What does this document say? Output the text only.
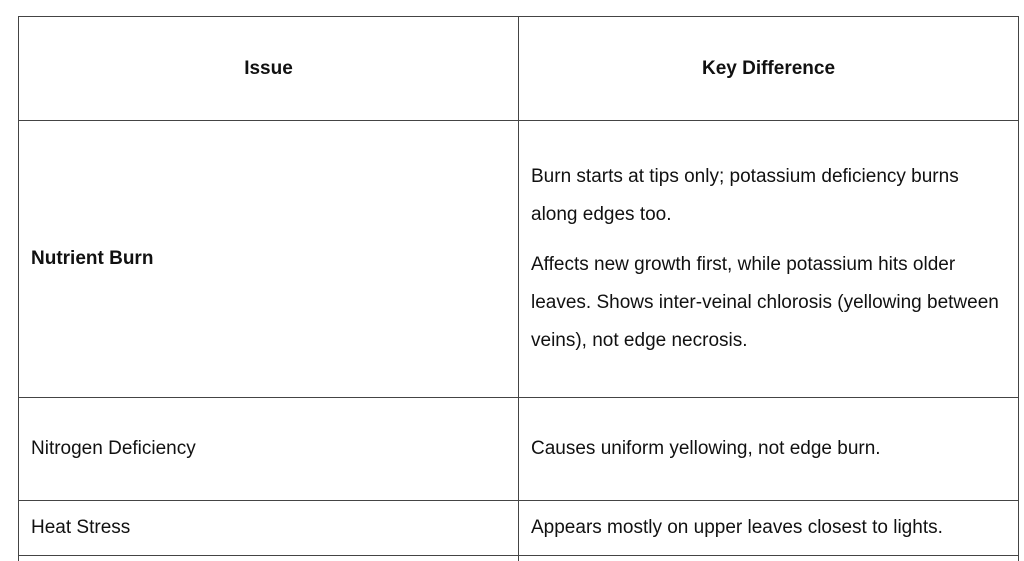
Issue	Key Difference
Nutrient Burn	Burn starts at tips only; potassium deficiency burns along edges too.

Affects new growth first, while potassium hits older leaves. Shows inter-veinal chlorosis (yellowing between veins), not edge necrosis.

Nitrogen Deficiency	Causes uniform yellowing, not edge burn.
Heat Stress	Appears mostly on upper leaves closest to lights.
